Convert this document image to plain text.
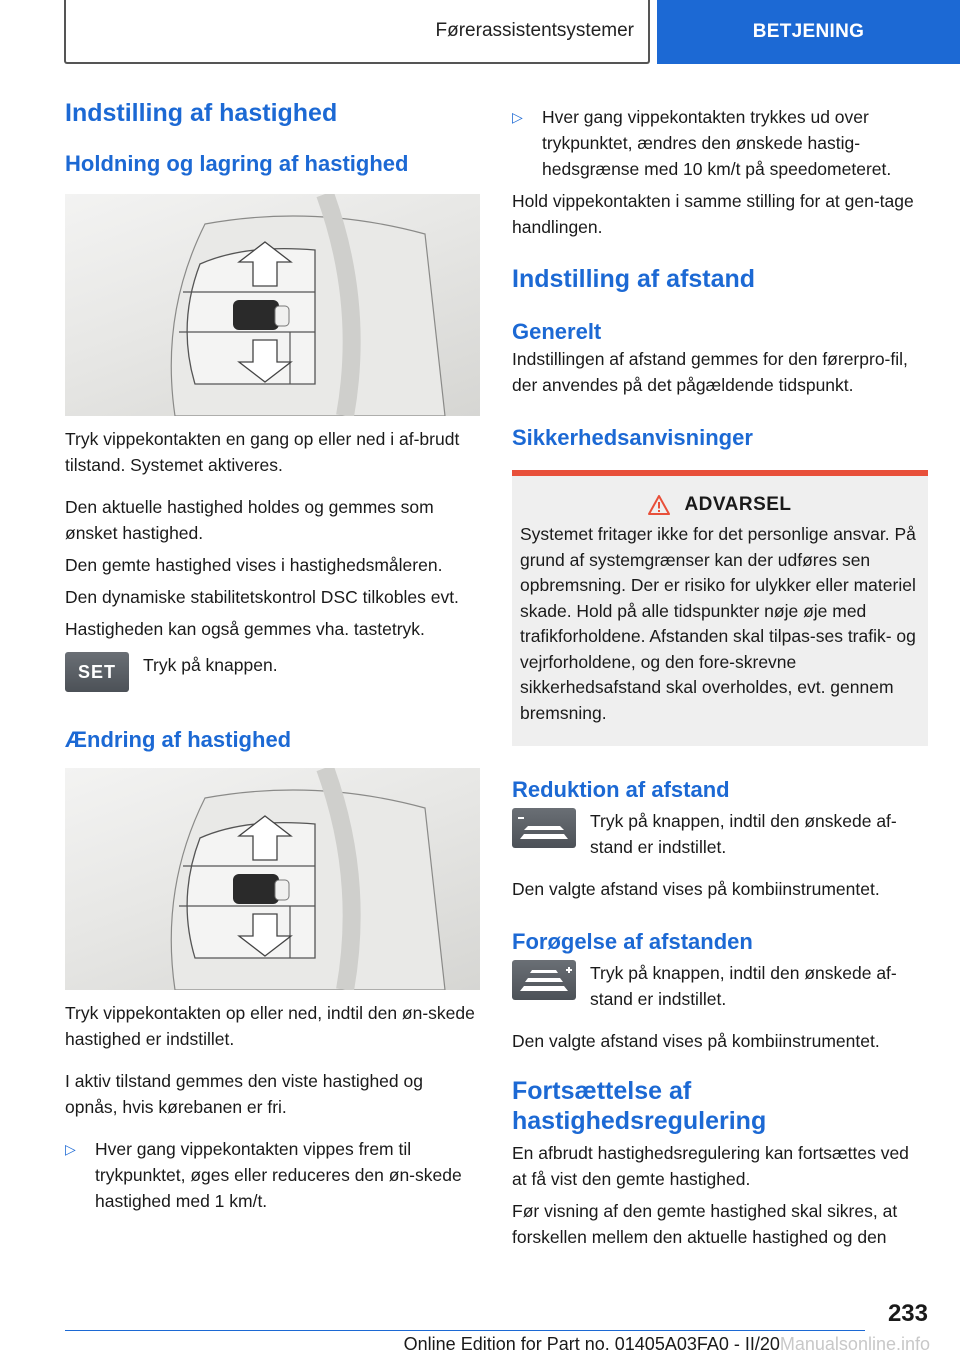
Førerassistentsystemer	BETJENING
Indstilling af hastighed
Holdning og lagring af hastighed

Tryk vippekontakten en gang op eller ned i af-brudt tilstand. Systemet aktiveres.

Den aktuelle hastighed holdes og gemmes som ønsket hastighed.

Den gemte hastighed vises i hastighedsmåleren.

Den dynamiske stabilitetskontrol DSC tilkobles evt.

Hastigheden kan også gemmes vha. tastetryk.

SET	Tryk på knappen.

Ændring af hastighed

Tryk vippekontakten op eller ned, indtil den øn-skede hastighed er indstillet.

I aktiv tilstand gemmes den viste hastighed og opnås, hvis kørebanen er fri.

▷ Hver gang vippekontakten vippes frem til trykpunktet, øges eller reduceres den øn-skede hastighed med 1 km/t.
▷ Hver gang vippekontakten trykkes ud over trykpunktet, ændres den ønskede hastig-hedsgrænse med 10 km/t på speedometeret.

Hold vippekontakten i samme stilling for at gen-tage handlingen.

Indstilling af afstand
Generelt

Indstillingen af afstand gemmes for den førerpro-fil, der anvendes på det pågældende tidspunkt.

Sikkerhedsanvisninger
ADVARSEL
Systemet fritager ikke for det personlige ansvar. På grund af systemgrænser kan der udføres sen opbremsning. Der er risiko for ulykker eller materiel skade. Hold på alle tidspunkter nøje øje med trafikforholdene. Afstanden skal tilpas-ses trafik- og vejrforholdene, og den fore-skrevne sikkerhedsafstand skal overholdes, evt. gennem bremsning.
Reduktion af afstand

Tryk på knappen, indtil den ønskede af-stand er indstillet.

Den valgte afstand vises på kombiinstrumentet.

Forøgelse af afstanden

Tryk på knappen, indtil den ønskede af-stand er indstillet.

Den valgte afstand vises på kombiinstrumentet.

Fortsættelse af hastighedsregulering

En afbrudt hastighedsregulering kan fortsættes ved at få vist den gemte hastighed.

Før visning af den gemte hastighed skal sikres, at forskellen mellem den aktuelle hastighed og den

233
Online Edition for Part no. 01405A03FA0 - II/20Manualsonline.info
